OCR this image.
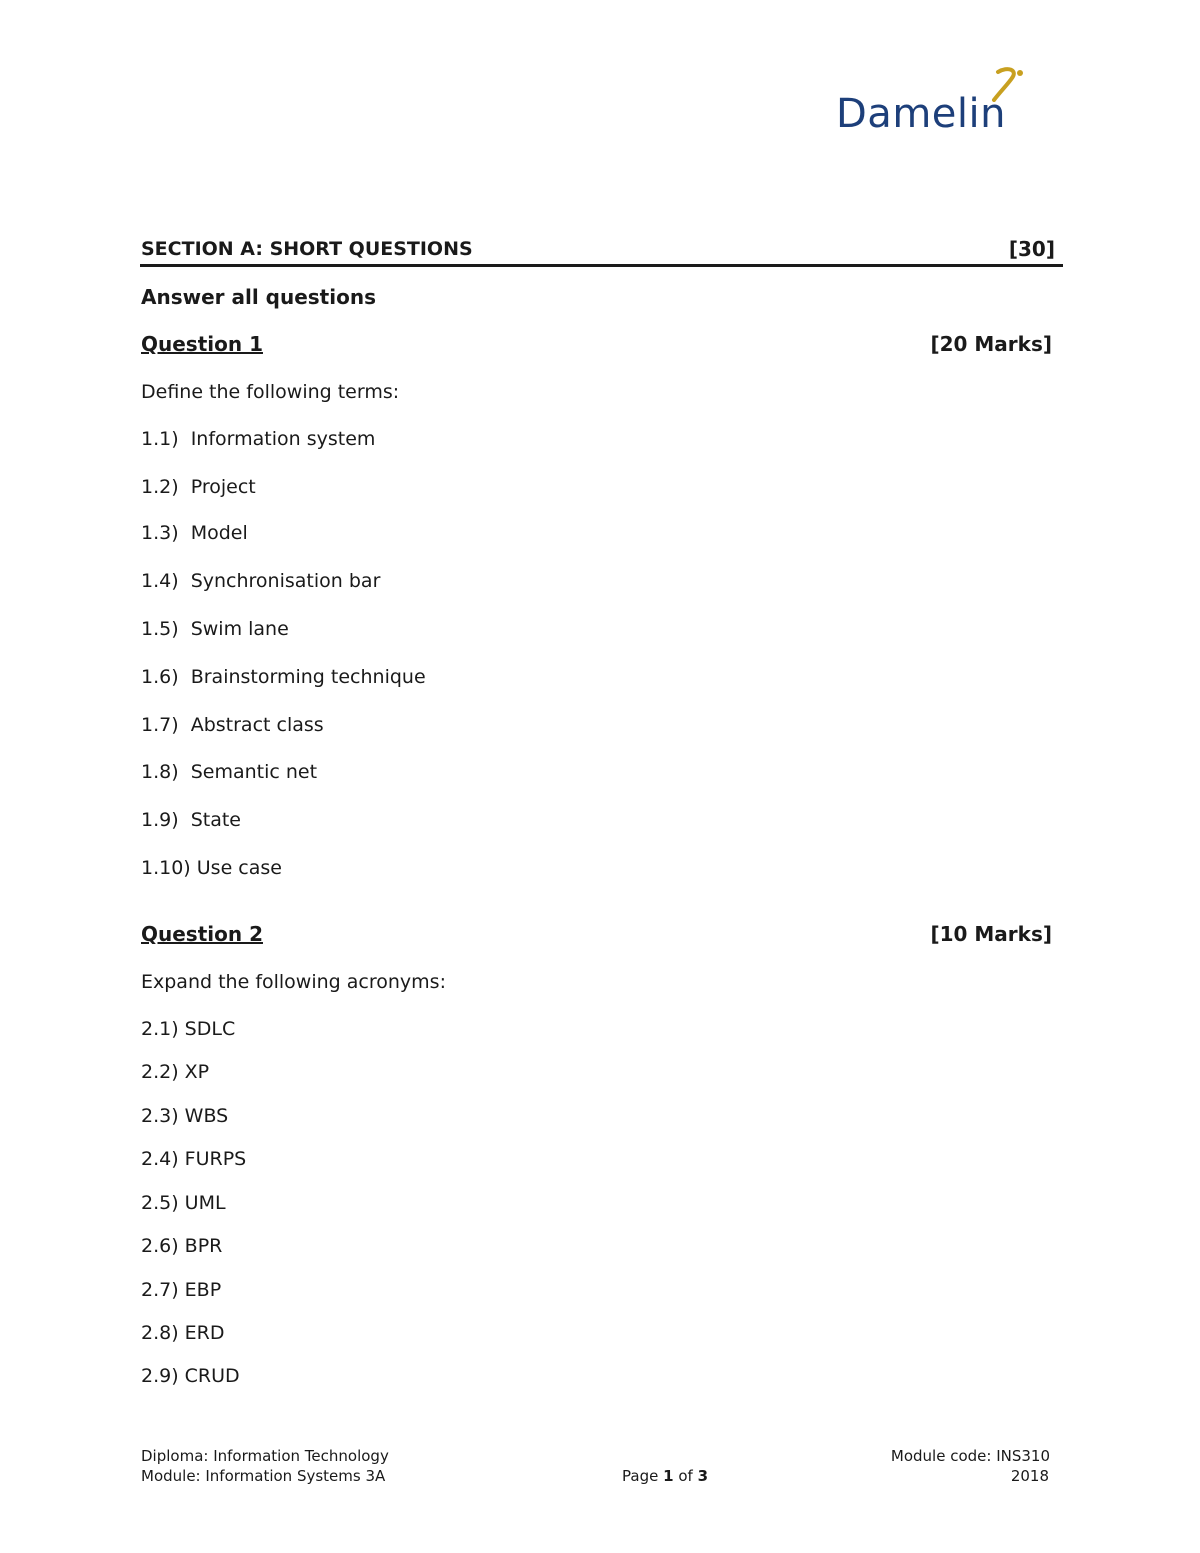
Damelin
SECTION A: SHORT QUESTIONS	[30]
Answer all questions
Question 1	[20 Marks]
Define the following terms:
1.1)  Information system
1.2)  Project
1.3)  Model
1.4)  Synchronisation bar
1.5)  Swim lane
1.6)  Brainstorming technique
1.7)  Abstract class
1.8)  Semantic net
1.9)  State
1.10) Use case
Question 2	[10 Marks]
Expand the following acronyms:
2.1) SDLC
2.2) XP
2.3) WBS
2.4) FURPS
2.5) UML
2.6) BPR
2.7) EBP
2.8) ERD
2.9) CRUD
Diploma: Information Technology
Module: Information Systems 3A	Page 1 of 3
Module code: INS310
2018
